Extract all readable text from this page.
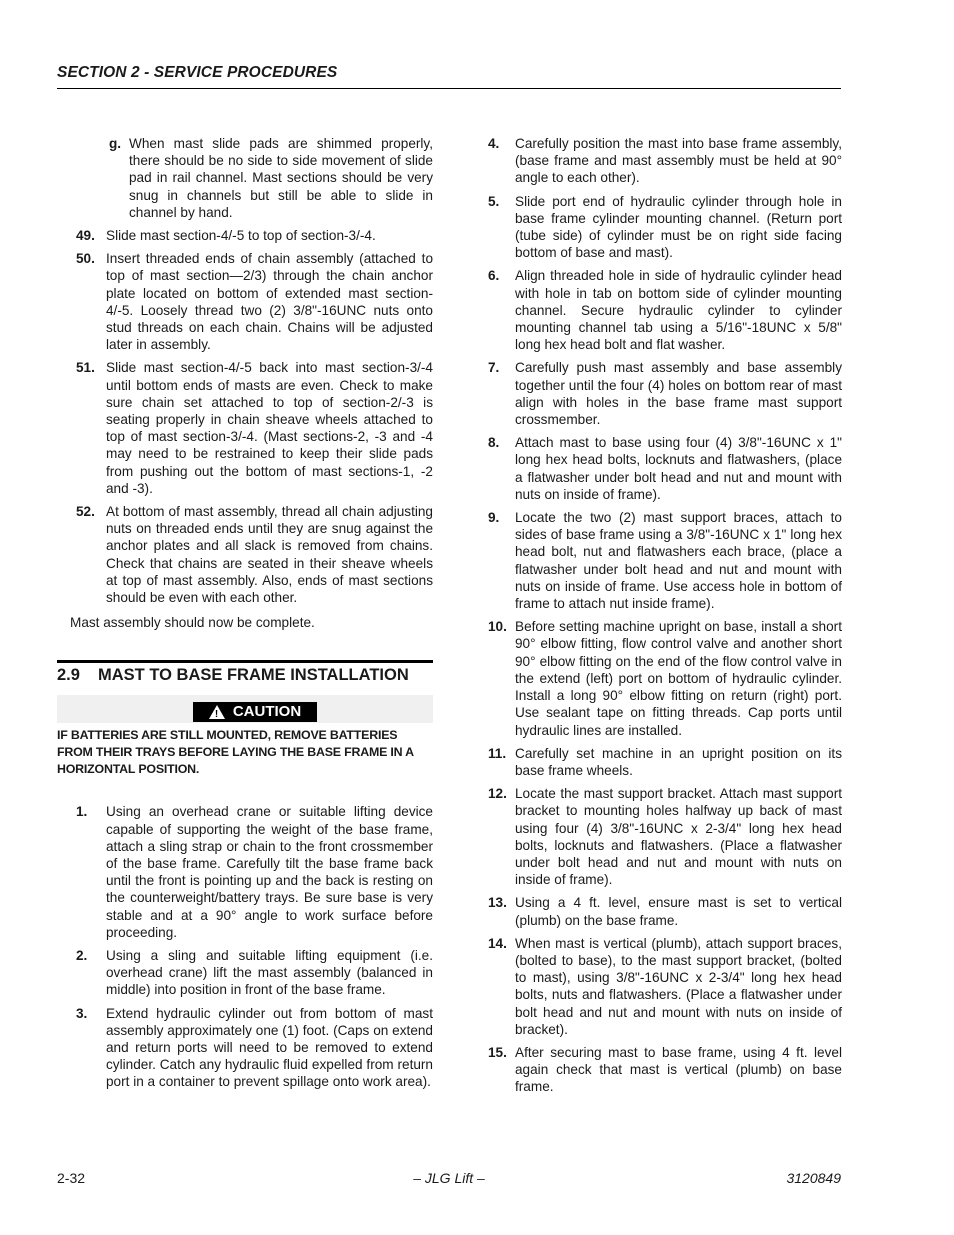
SECTION 2 - SERVICE PROCEDURES
g. When mast slide pads are shimmed properly, there should be no side to side movement of slide pad in rail channel. Mast sections should be very snug in channels but still be able to slide in channel by hand.
49. Slide mast section-4/-5 to top of section-3/-4.
50. Insert threaded ends of chain assembly (attached to top of mast section—2/3) through the chain anchor plate located on bottom of extended mast section-4/-5. Loosely thread two (2) 3/8"-16UNC nuts onto stud threads on each chain. Chains will be adjusted later in assembly.
51. Slide mast section-4/-5 back into mast section-3/-4 until bottom ends of masts are even. Check to make sure chain set attached to top of section-2/-3 is seating properly in chain sheave wheels attached to top of mast section-3/-4. (Mast sections-2, -3 and -4 may need to be restrained to keep their slide pads from pushing out the bottom of mast sections-1, -2 and -3).
52. At bottom of mast assembly, thread all chain adjusting nuts on threaded ends until they are snug against the anchor plates and all slack is removed from chains. Check that chains are seated in their sheave wheels at top of mast assembly. Also, ends of mast sections should be even with each other.
Mast assembly should now be complete.
2.9	MAST TO BASE FRAME INSTALLATION
!
CAUTION
IF BATTERIES ARE STILL MOUNTED, REMOVE BATTERIES FROM THEIR TRAYS BEFORE LAYING THE BASE FRAME IN A HORIZONTAL POSITION.
1.	Using an overhead crane or suitable lifting device capable of supporting the weight of the base frame, attach a sling strap or chain to the front crossmember of the base frame. Carefully tilt the base frame back until the front is pointing up and the back is resting on the counterweight/battery trays. Be sure base is very stable and at a 90° angle to work surface before proceeding.
2.	Using a sling and suitable lifting equipment (i.e. overhead crane) lift the mast assembly (balanced in middle) into position in front of the base frame.
3.	Extend hydraulic cylinder out from bottom of mast assembly approximately one (1) foot. (Caps on extend and return ports will need to be removed to extend cylinder. Catch any hydraulic fluid expelled from return port in a container to prevent spillage onto work area).
4.	Carefully position the mast into base frame assembly, (base frame and mast assembly must be held at 90° angle to each other).
5.	Slide port end of hydraulic cylinder through hole in base frame cylinder mounting channel. (Return port (tube side) of cylinder must be on right side facing bottom of base and mast).
6.	Align threaded hole in side of hydraulic cylinder head with hole in tab on bottom side of cylinder mounting channel. Secure hydraulic cylinder to cylinder mounting channel tab using a 5/16"-18UNC x 5/8" long hex head bolt and flat washer.
7.	Carefully push mast assembly and base assembly together until the four (4) holes on bottom rear of mast align with holes in the base frame mast support crossmember.
8.	Attach mast to base using four (4) 3/8"-16UNC x 1" long hex head bolts, locknuts and flatwashers, (place a flatwasher under bolt head and nut and mount with nuts on inside of frame).
9.	Locate the two (2) mast support braces, attach to sides of base frame using a 3/8"-16UNC x 1" long hex head bolt, nut and flatwashers each brace, (place a flatwasher under bolt head and nut and mount with nuts on inside of frame. Use access hole in bottom of frame to attach nut inside frame).
10. Before setting machine upright on base, install a short 90° elbow fitting, flow control valve and another short 90° elbow fitting on the end of the flow control valve in the extend (left) port on bottom of hydraulic cylinder. Install a long 90° elbow fitting on return (right) port. Use sealant tape on fitting threads. Cap ports until hydraulic lines are installed.
11. Carefully set machine in an upright position on its base frame wheels.
12. Locate the mast support bracket. Attach mast support bracket to mounting holes halfway up back of mast using four (4) 3/8"-16UNC x 2-3/4" long hex head bolts, locknuts and flatwashers. (Place a flatwasher under bolt head and nut and mount with nuts on inside of frame).
13. Using a 4 ft. level, ensure mast is set to vertical (plumb) on the base frame.
14. When mast is vertical (plumb), attach support braces, (bolted to base), to the mast support bracket, (bolted to mast), using 3/8"-16UNC x 2-3/4" long hex head bolts, nuts and flatwashers. (Place a flatwasher under bolt head and nut and mount with nuts on inside of bracket).
15. After securing mast to base frame, using 4 ft. level again check that mast is vertical (plumb) on base frame.
2-32	– JLG Lift –	3120849
